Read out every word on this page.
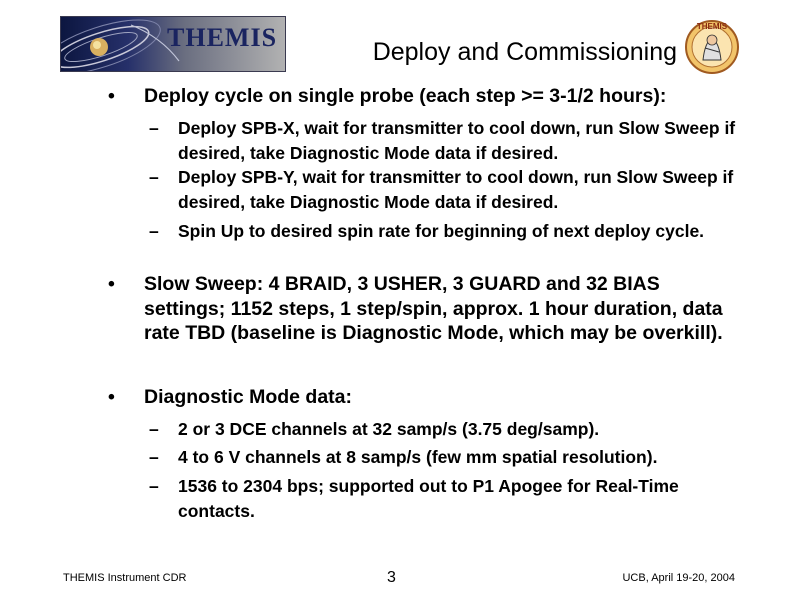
THEMIS	Deploy and Commissioning
THEMIS
• Deploy cycle on single probe (each step >= 3-1/2 hours):
– Deploy SPB-X, wait for transmitter to cool down, run Slow Sweep if desired, take Diagnostic Mode data if desired.
– Deploy SPB-Y, wait for transmitter to cool down, run Slow Sweep if desired, take Diagnostic Mode data if desired.
– Spin Up to desired spin rate for beginning of next deploy cycle.
• Slow Sweep: 4 BRAID, 3 USHER, 3 GUARD and 32 BIAS settings; 1152 steps, 1 step/spin, approx. 1 hour duration, data rate TBD (baseline is Diagnostic Mode, which may be overkill).
• Diagnostic Mode data:
– 2 or 3 DCE channels at 32 samp/s (3.75 deg/samp).
– 4 to 6 V channels at 8 samp/s (few mm spatial resolution).
– 1536 to 2304 bps; supported out to P1 Apogee for Real-Time contacts.
THEMIS Instrument CDR	3	UCB, April 19-20, 2004
